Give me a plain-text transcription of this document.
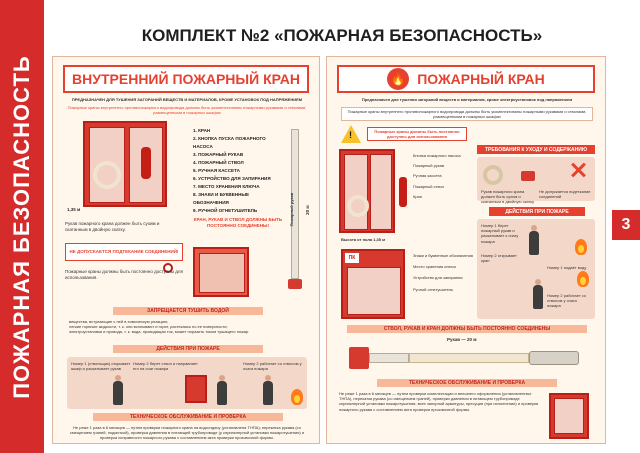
ПОЖАРНАЯ БЕЗОПАСНОСТЬ
КОМПЛЕКТ №2 «ПОЖАРНАЯ БЕЗОПАСНОСТЬ»
3
ВНУТРЕННИЙ ПОЖАРНЫЙ КРАН
ПРЕДНАЗНАЧЕН ДЛЯ ТУШЕНИЯ ЗАГОРАНИЙ ВЕЩЕСТВ И МАТЕРИАЛОВ, КРОМЕ УСТАНОВОК ПОД НАПРЯЖЕНИЕМ
Пожарные краны внутреннего противопожарного водопровода должны быть укомплектованы пожарными рукавами и стволами, размещенными в пожарных шкафах
1,35 м
1. КРАН
2. КНОПКА ПУСКА ПОЖАРНОГО НАСОСА
3. ПОЖАРНЫЙ РУКАВ
4. ПОЖАРНЫЙ СТВОЛ
5. РУЧНАЯ КАССЕТА
6. УСТРОЙСТВО ДЛЯ ЗАПИРАНИЯ
7. МЕСТО ХРАНЕНИЯ КЛЮЧА
8. ЗНАКИ И БУКВЕННЫЕ ОБОЗНАЧЕНИЯ
9. РУЧНОЙ ОГНЕТУШИТЕЛЬ	Пожарный рукав 20 м
КРАН, РУКАВ И СТВОЛ ДОЛЖНЫ БЫТЬ ПОСТОЯННО СОЕДИНЕНЫ!
Рукав пожарного крана должен быть сухим и скатанным в двойную скатку.
НЕ ДОПУСКАЕТСЯ ПОДТЕКАНИЕ СОЕДИНЕНИЙ!
Пожарные краны должны быть постоянно доступны для использования.
ЗАПРЕЩАЕТСЯ ТУШИТЬ ВОДОЙ
вещества, вступающие с ней в химическую реакцию;
легкие горючие жидкости, т. к. они всплывают и горят, растекаясь по ее поверхности;
электроустановки и провода, т. к. вода, проводящая ток, может поразить током тушащего пожар.
ДЕЙСТВИЯ ПРИ ПОЖАРЕ
Номер 1 (ствольщик) открывает шкаф и раскатывает рукав
Номер 2 берет ствол и направляет его на очаг пожара
Номер 2 работает со стволом у очага пожара
ТЕХНИЧЕСКОЕ ОБСЛУЖИВАНИЕ И ПРОВЕРКА
Не реже 1 раза в 6 месяцев — путем проверки пожарного крана на водоотдачу (установлена ТНПА); перекатка рукава (со смещением граней, подмоткой), проверка давления в питающей трубопроводе (у спринклерной установки пожаротушения) и проверка исправности пожарного рукава с составлением акта проверки прозовочной формы.
🔥 ПОЖАРНЫЙ КРАН
Предназначен для тушения загораний веществ и материалов, кроме электроустановок под напряжением
Пожарные краны внутреннего противопожарного водопровода должны быть укомплектованы пожарными рукавами и стволами, размещенными в пожарных шкафах
Пожарные краны должны быть постоянно доступны для использования
!
Кнопка пожарного насоса
Пожарный рукав
Ручная кассета
Пожарный ствол
Кран
Высота от пола 1,35 м
ПК	Знаки и буквенные обозначения
Место хранения ключа
Устройство для запирания
Ручной огнетушитель
ТРЕБОВАНИЯ К УХОДУ И СОДЕРЖАНИЮ
Рукав пожарного крана должен быть сухим и скатанным в двойную скатку
Не допускается подтекание соединений
ДЕЙСТВИЯ ПРИ ПОЖАРЕ
Номер 1 берет пожарный рукав и раскатывает к очагу пожара
Номер 2 открывает кран
Номер 1 подаёт воду
Номер 2 работает со стволом у очага пожара
СТВОЛ, РУКАВ И КРАН ДОЛЖНЫ БЫТЬ ПОСТОЯННО СОЕДИНЕНЫ
Рукав — 20 м
ТЕХНИЧЕСКОЕ ОБСЛУЖИВАНИЕ И ПРОВЕРКА
Не реже 1 раза в 6 месяцев — путем проверки комплектации и внешнего оформления (установленных ТНПА), перекатки рукава (со смещением граней), проверки давления в питающем трубопроводе спринклерной установки пожаротушения; всех запорной арматуры, пресуции (при исполнении) и проверки пожарного рукава с составлением акта проверки прозовочной формы.
